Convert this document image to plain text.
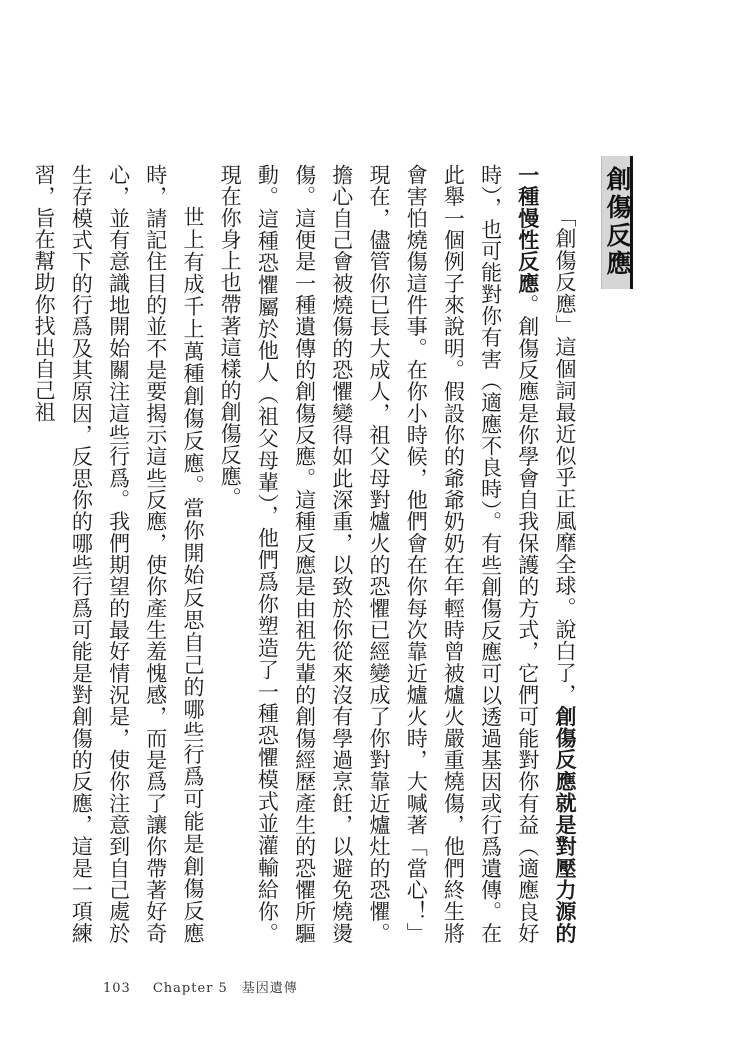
創傷反應

「創傷反應」這個詞最近似乎正風靡全球。說白了，創傷反應就是對壓力源的一種慢性反應。創傷反應是你學會自我保護的方式，它們可能對你有益（適應良好時），也可能對你有害（適應不良時）。有些創傷反應可以透過基因或行爲遺傳。在此舉一個例子來說明。假設你的爺爺奶奶在年輕時曾被爐火嚴重燒傷，他們終生將會害怕燒傷這件事。在你小時候，他們會在你每次靠近爐火時，大喊著「當心！」現在，儘管你已長大成人，祖父母對爐火的恐懼已經變成了你對靠近爐灶的恐懼。擔心自己會被燒傷的恐懼變得如此深重，以致於你從來沒有學過烹飪，以避免燒燙傷。這便是一種遺傳的創傷反應。這種反應是由祖先輩的創傷經歷產生的恐懼所驅動。這種恐懼屬於他人（祖父母輩），他們爲你塑造了一種恐懼模式並灌輸給你。現在你身上也帶著這樣的創傷反應。

世上有成千上萬種創傷反應。當你開始反思自己的哪些行爲可能是創傷反應時，請記住目的並不是要揭示這些反應，使你產生羞愧感，而是爲了讓你帶著好奇心，並有意識地開始關注這些行爲。我們期望的最好情況是，使你注意到自己處於生存模式下的行爲及其原因，反思你的哪些行爲可能是對創傷的反應，這是一項練習，旨在幫助你找出自己祖

103 Chapter 5 基因遺傳
